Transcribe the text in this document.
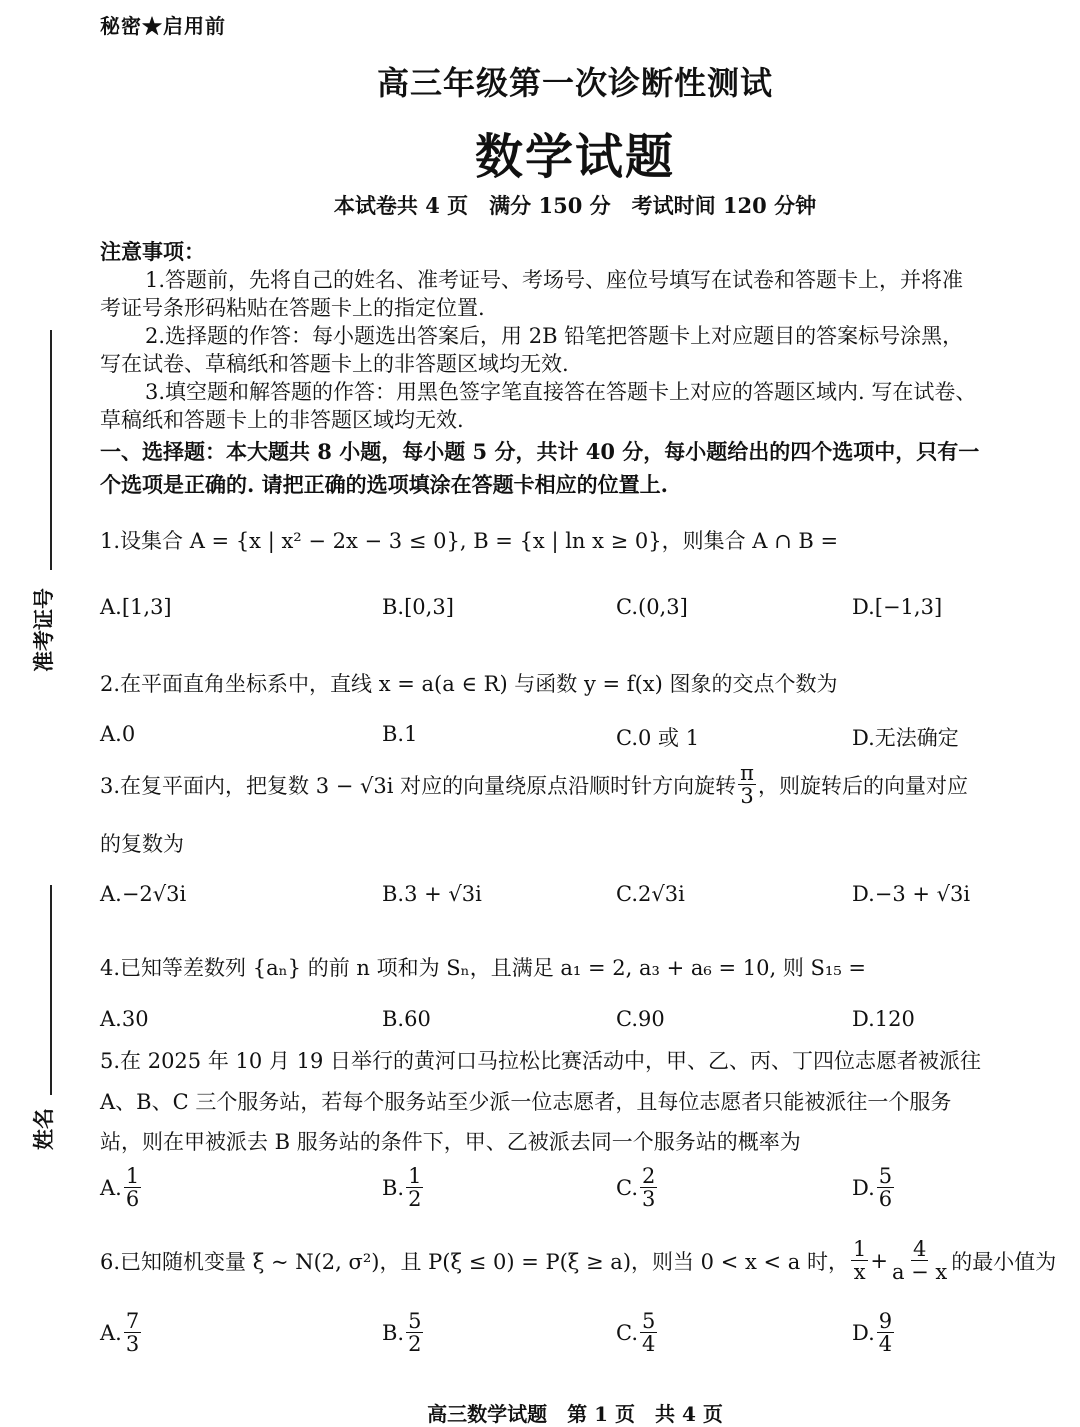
秘密★启用前
高三年级第一次诊断性测试
数学试题
本试卷共 4 页　满分 150 分　考试时间 120 分钟
注意事项：
1.答题前，先将自己的姓名、准考证号、考场号、座位号填写在试卷和答题卡上，并将准
考证号条形码粘贴在答题卡上的指定位置.
2.选择题的作答：每小题选出答案后，用 2B 铅笔把答题卡上对应题目的答案标号涂黑，
写在试卷、草稿纸和答题卡上的非答题区域均无效.
3.填空题和解答题的作答：用黑色签字笔直接答在答题卡上对应的答题区域内. 写在试卷、
草稿纸和答题卡上的非答题区域均无效.
一、选择题：本大题共 8 小题，每小题 5 分，共计 40 分，每小题给出的四个选项中，只有一
个选项是正确的. 请把正确的选项填涂在答题卡相应的位置上.
1.设集合 A = {x | x² − 2x − 3 ≤ 0}, B = {x | ln x ≥ 0}，则集合 A ∩ B =
A.[1,3]	B.[0,3]	C.(0,3]	D.[−1,3]
2.在平面直角坐标系中，直线 x = a(a ∈ R) 与函数 y = f(x) 图象的交点个数为
A.0	B.1	C.0 或 1	D.无法确定
3.在复平面内，把复数 3 − √3i 对应的向量绕原点沿顺时针方向旋转 $\frac{\pi}{3}$ ，则旋转后的向量对应
的复数为
A.−2√3i	B.3 + √3i	C.2√3i	D.−3 + √3i
4.已知等差数列 {aₙ} 的前 n 项和为 Sₙ，且满足 a₁ = 2, a₃ + a₆ = 10, 则 S₁₅ =
A.30	B.60	C.90	D.120
5.在 2025 年 10 月 19 日举行的黄河口马拉松比赛活动中，甲、乙、丙、丁四位志愿者被派往
A、B、C 三个服务站，若每个服务站至少派一位志愿者，且每位志愿者只能被派往一个服务
站，则在甲被派去 B 服务站的条件下，甲、乙被派去同一个服务站的概率为
A. $\frac{1}{6}$	B. $\frac{1}{2}$	C. $\frac{2}{3}$	D. $\frac{5}{6}$
6.已知随机变量 ξ ~ N(2, σ²)，且 P(ξ ≤ 0) = P(ξ ≥ a)，则当 0 < x < a 时， $\frac{1}{x} + \frac{4}{a - x}$ 的最小值为
A. $\frac{7}{3}$	B. $\frac{5}{2}$	C. $\frac{5}{4}$	D. $\frac{9}{4}$
准考证号
姓名
高三数学试题　第 1 页　共 4 页
